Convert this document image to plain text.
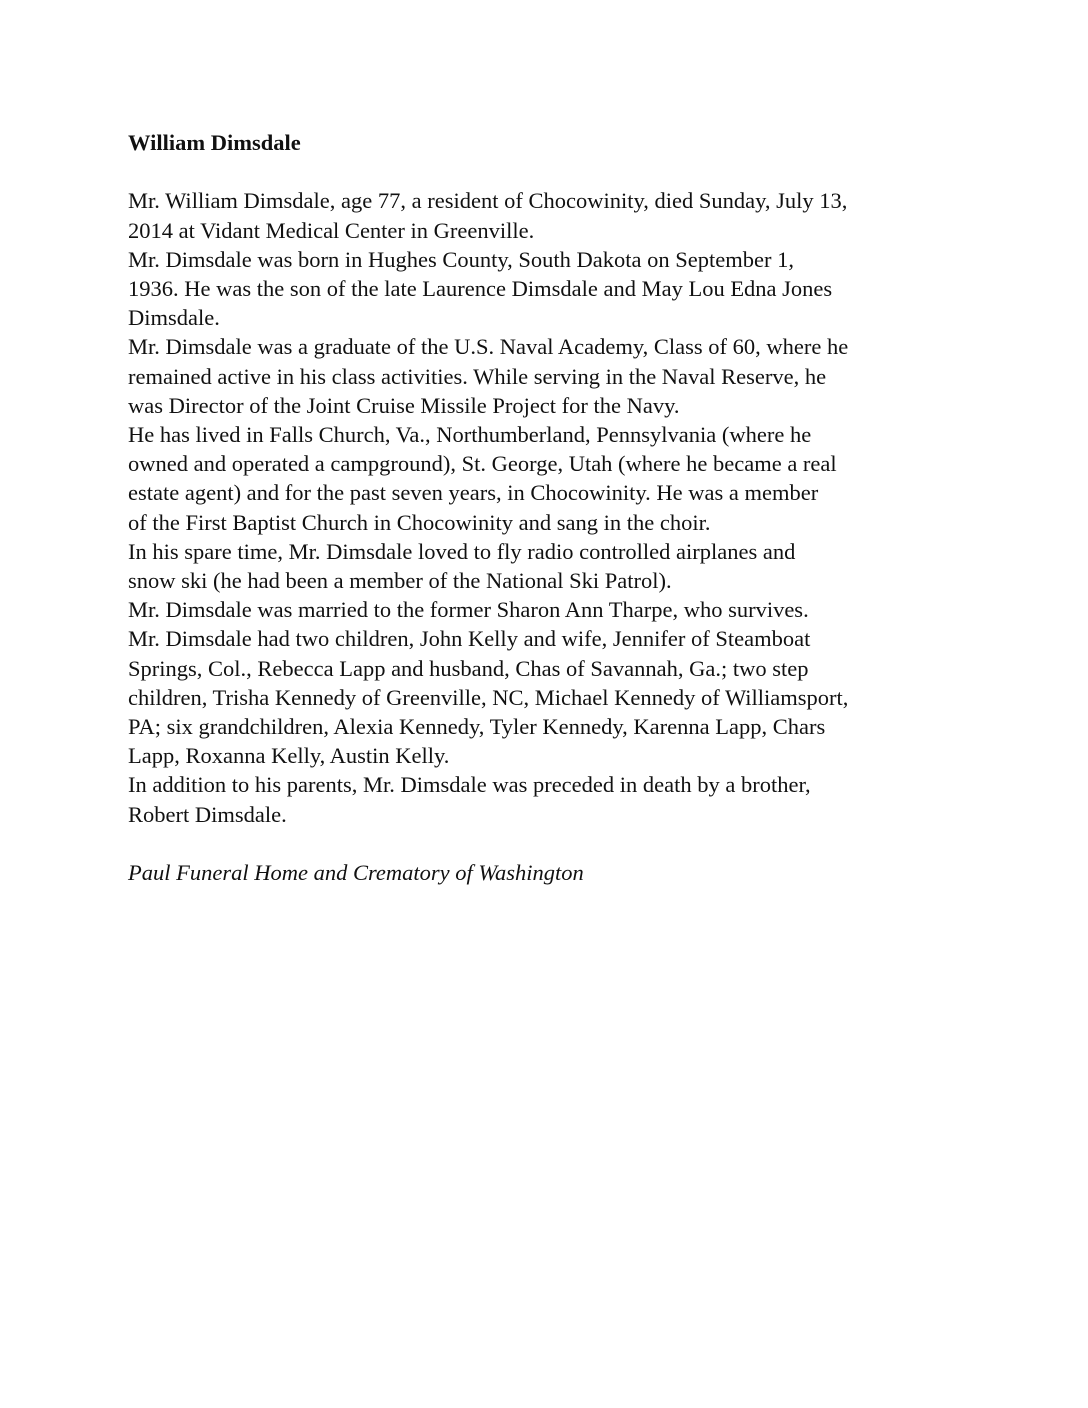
William Dimsdale

Mr. William Dimsdale, age 77, a resident of Chocowinity, died Sunday, July 13,

2014 at Vidant Medical Center in Greenville.

Mr. Dimsdale was born in Hughes County, South Dakota on September 1,

1936. He was the son of the late Laurence Dimsdale and May Lou Edna Jones

Dimsdale.

Mr. Dimsdale was a graduate of the U.S. Naval Academy, Class of 60, where he

remained active in his class activities. While serving in the Naval Reserve, he

was Director of the Joint Cruise Missile Project for the Navy.

He has lived in Falls Church, Va., Northumberland, Pennsylvania (where he

owned and operated a campground), St. George, Utah (where he became a real

estate agent) and for the past seven years, in Chocowinity. He was a member

of the First Baptist Church in Chocowinity and sang in the choir.

In his spare time, Mr. Dimsdale loved to fly radio controlled airplanes and

snow ski (he had been a member of the National Ski Patrol).

Mr. Dimsdale was married to the former Sharon Ann Tharpe, who survives.

Mr. Dimsdale had two children, John Kelly and wife, Jennifer of Steamboat

Springs, Col., Rebecca Lapp and husband, Chas of Savannah, Ga.; two step

children, Trisha Kennedy of Greenville, NC, Michael Kennedy of Williamsport,

PA; six grandchildren, Alexia Kennedy, Tyler Kennedy, Karenna Lapp, Chars

Lapp, Roxanna Kelly, Austin Kelly.

In addition to his parents, Mr. Dimsdale was preceded in death by a brother,

Robert Dimsdale.

Paul Funeral Home and Crematory of Washington
